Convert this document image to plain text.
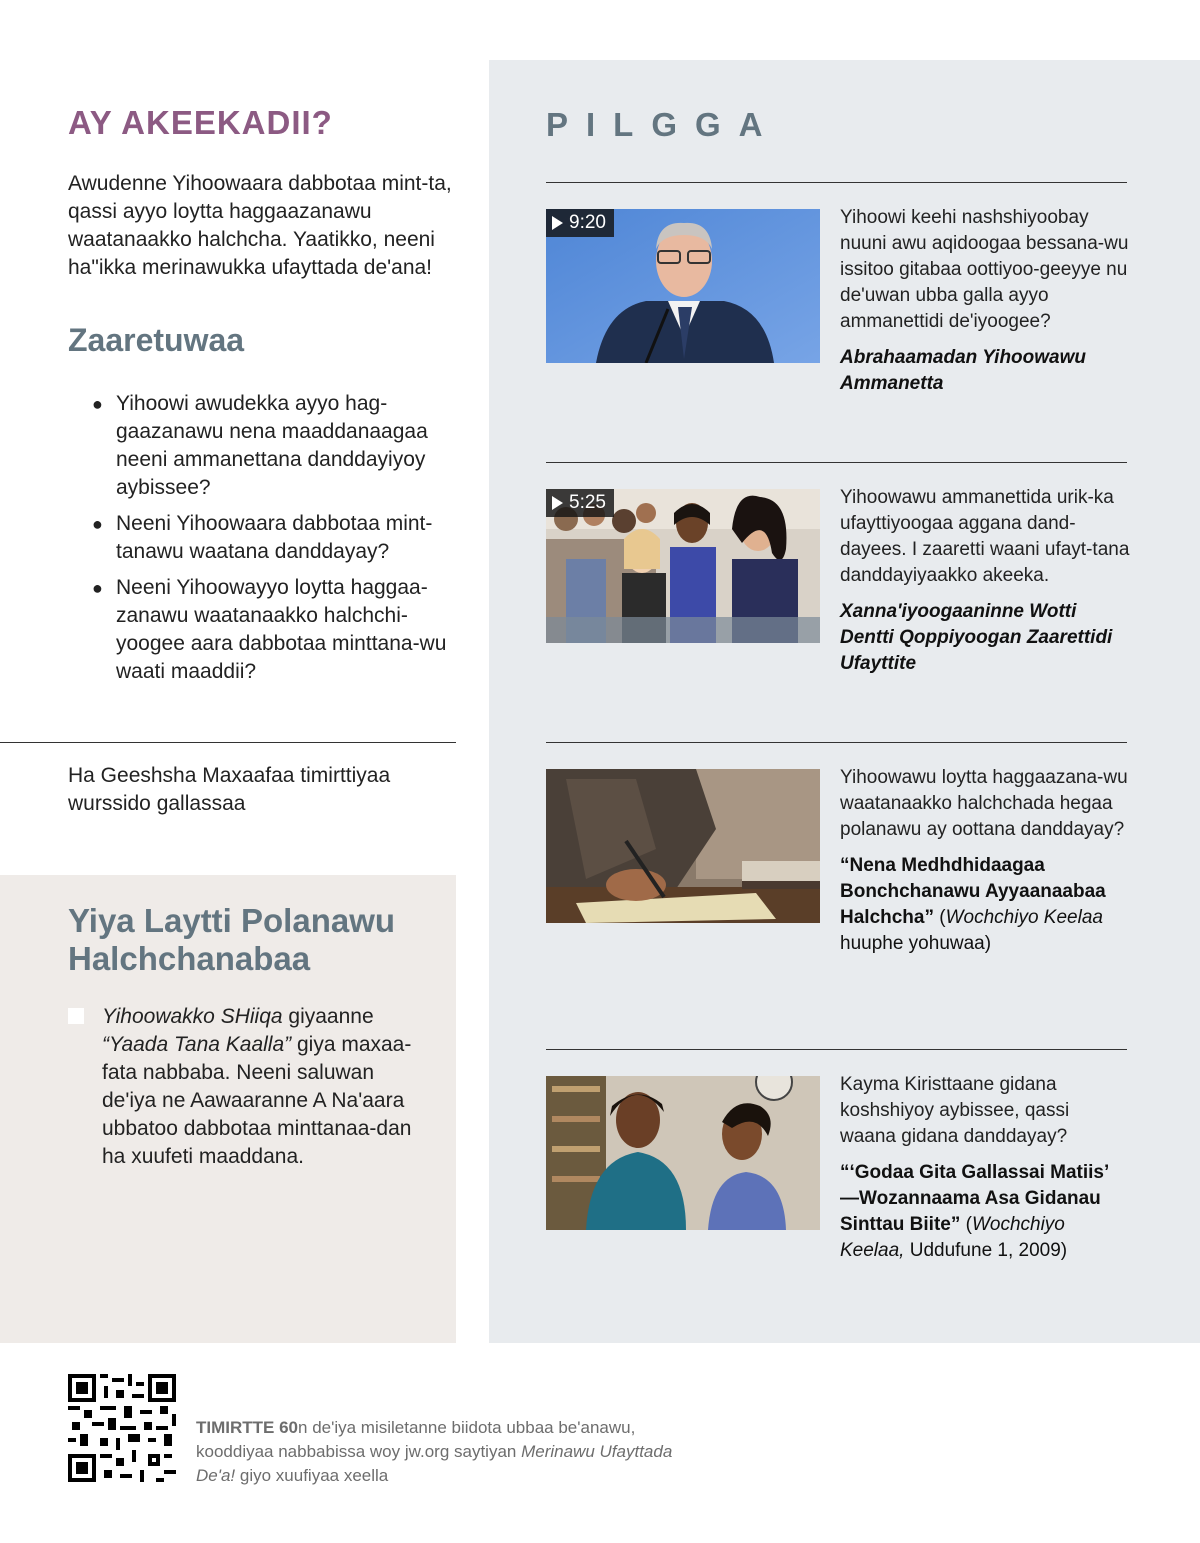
AY AKEEKADII?

Awudenne Yihoowaara dabbotaa mint-ta, qassi ayyo loytta haggaazanawu waatanaakko halchcha. Yaatikko, neeni ha"ikka merinawukka ufayttada de'ana!

Zaaretuwaa
● Yihoowi awudekka ayyo hag-gaazanawu nena maaddanaagaa neeni ammanettana danddayiyoy aybissee?
● Neeni Yihoowaara dabbotaa mint-tanawu waatana danddayay?
● Neeni Yihoowayyo loytta haggaa-zanawu waatanaakko halchchi-yoogee aara dabbotaa minttana-wu waati maaddii?

Ha Geeshsha Maxaafaa timirttiyaa wurssido gallassaa

Yiya Laytti Polanawu Halchchanabaa

Yihoowakko SHiiqa giyaanne “Yaada Tana Kaalla” giya maxaa-fata nabbaba. Neeni saluwan de'iya ne Aawaaranne A Na'aara ubbatoo dabbotaa minttanaa-dan ha xuufeti maaddana.

PILGGA
9:20	Yihoowi keehi nashshiyoobay nuuni awu aqidoogaa bessana-wu issitoo gitabaa oottiyoo-geeyye nu de'uwan ubba galla ayyo ammanettidi de'iyoogee?

Abrahaamadan Yihoowawu Ammanetta

5:25	Yihoowawu ammanettida urik-ka ufayttiyoogaa aggana dand-dayees. I zaaretti waani ufayt-tana danddayiyaakko akeeka.

Xanna'iyoogaaninne Wotti Dentti Qoppiyoogan Zaarettidi Ufayttite

Yihoowawu loytta haggaazana-wu waatanaakko halchchada hegaa polanawu ay oottana danddayay?

“Nena Medhdhidaagaa Bonchchanawu Ayyaanaabaa Halchcha” (Wochchiyo Keelaa huuphe yohuwaa)

Kayma Kiristtaane gidana koshshiyoy aybissee, qassi waana gidana danddayay?

“‘Godaa Gita Gallassai Matiis’ —Wozannaama Asa Gidanau Sinttau Biite” (Wochchiyo Keelaa, Uddufune 1, 2009)

TIMIRTTE 60n de'iya misiletanne biidota ubbaa be'anawu, kooddiyaa nabbabissa woy jw.org saytiyan Merinawu Ufayttada De'a! giyo xuufiyaa xeella
